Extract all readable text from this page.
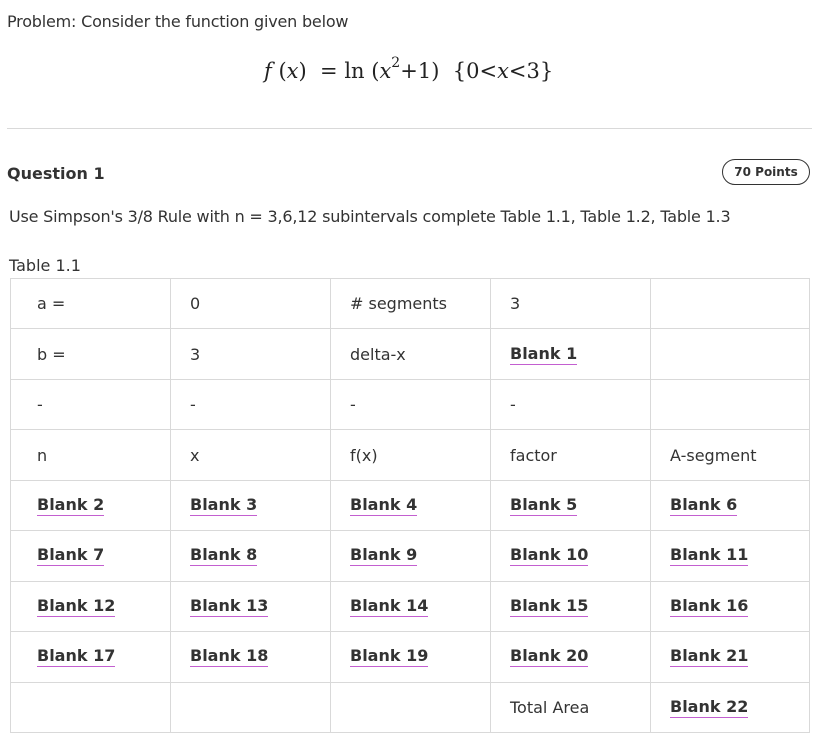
Problem: Consider the function given below
f $(x) = \ln (x^2+1)$  {0<x<3}
Question 1	70 Points
Use Simpson's 3/8 Rule with n = 3,6,12 subintervals complete Table 1.1, Table 1.2, Table 1.3
Table 1.1
a =	0	# segments	3	
b =	3	delta-x	Blank 1	
-	-	-	-	
n	x	f(x)	factor	A-segment
Blank 2	Blank 3	Blank 4	Blank 5	Blank 6
Blank 7	Blank 8	Blank 9	Blank 10	Blank 11
Blank 12	Blank 13	Blank 14	Blank 15	Blank 16
Blank 17	Blank 18	Blank 19	Blank 20	Blank 21
			Total Area	Blank 22
